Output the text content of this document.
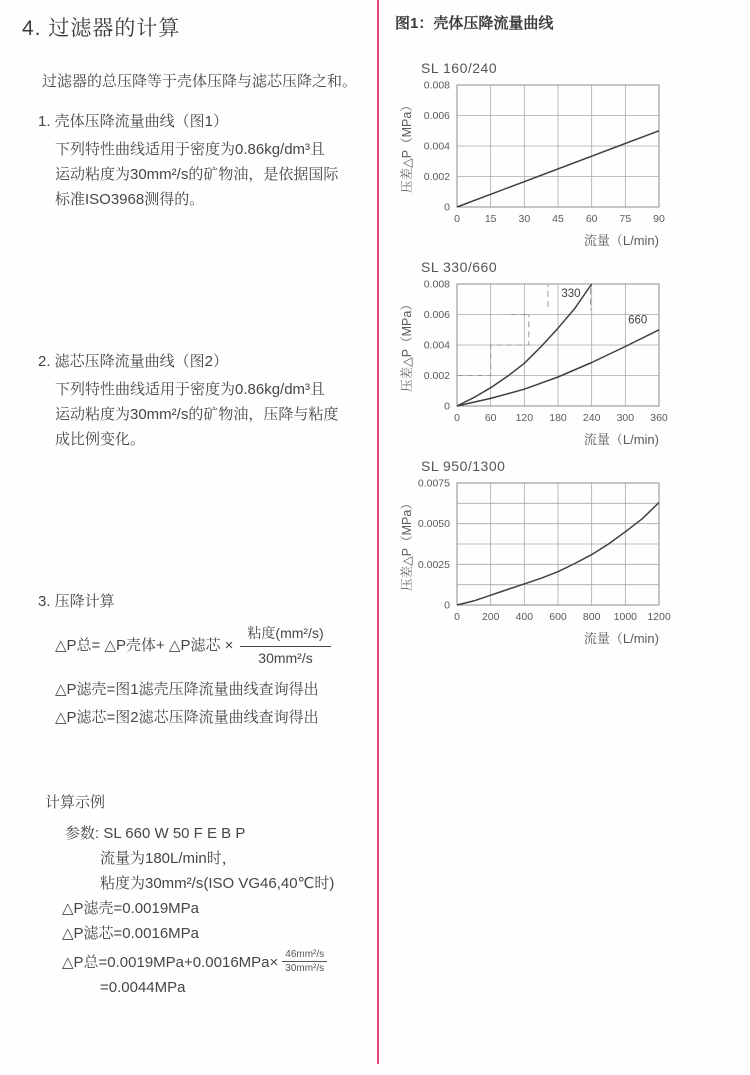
4. 过滤器的计算

过滤器的总压降等于壳体压降与滤芯压降之和。

1. 壳体压降流量曲线（图1）
下列特性曲线适用于密度为0.86kg/dm³且
运动粘度为30mm²/s的矿物油，是依据国际
标准ISO3968测得的。
2. 滤芯压降流量曲线（图2）
下列特性曲线适用于密度为0.86kg/dm³且
运动粘度为30mm²/s的矿物油，压降与粘度
成比例变化。
3. 压降计算
△P总= △P壳体+ △P滤芯 × $\frac{\text{粘度(mm²/s)}}{\text{30mm²/s}}$
△P滤壳=图1滤壳压降流量曲线查询得出
△P滤芯=图2滤芯压降流量曲线查询得出
计算示例
参数: SL 660 W 50 F E B P
流量为180L/min时，
粘度为30mm²/s(ISO VG46,40℃时)
△P滤壳=0.0019MPa
△P滤芯=0.0016MPa
△P总$=0.0019MPa+0.0016MPa\times \frac{\text{46mm²/s}}{\text{30mm²/s}}$
=0.0044MPa
图1：壳体压降流量曲线
SL 160/240
0 15 30 45 60 75 90
0
0.002
0.004
0.006
0.008
流量（L/min)
压差△P（MPa）
SL 330/660
0 60 120 180 240 300 360
0
0.002
0.004
0.006
0.008
330
660
流量（L/min)
压差△P（MPa）
SL 950/1300
0 200 400 600 800 1000 1200
0
0.0025
0.0050
0.0075
流量（L/min)
压差△P（MPa）
